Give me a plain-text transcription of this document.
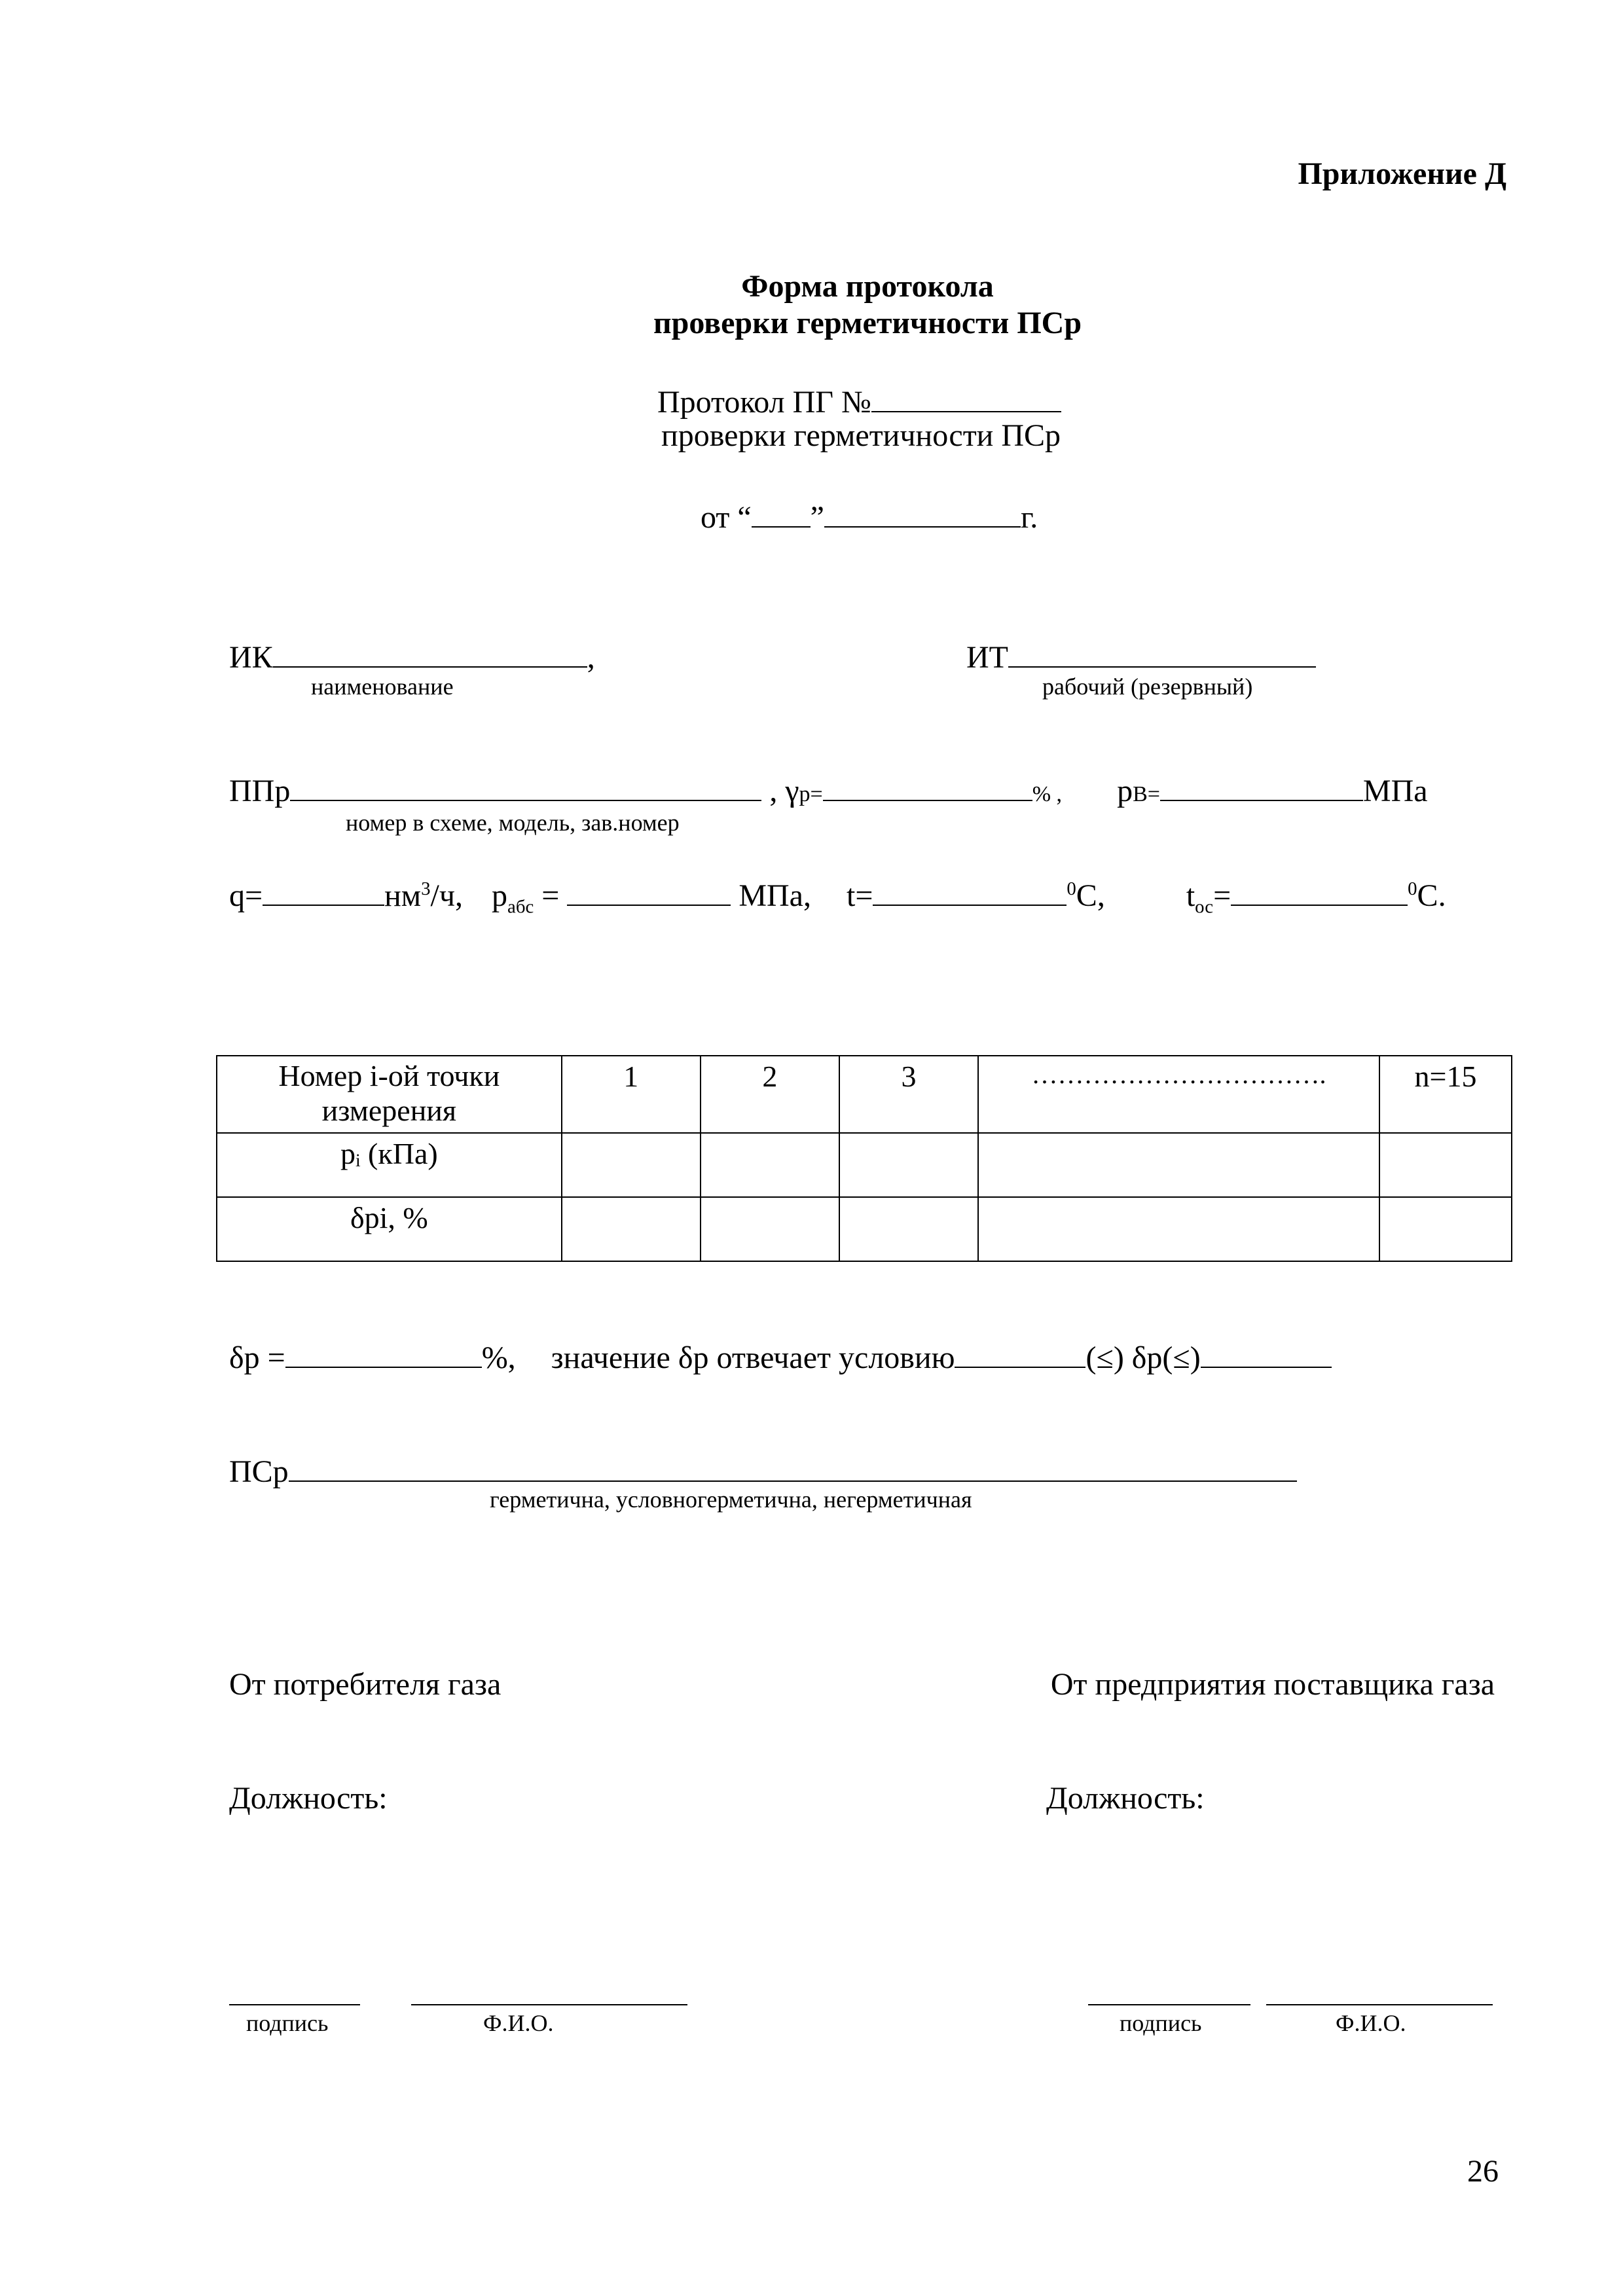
Приложение Д
Форма протокола
проверки герметичности ПСр
Протокол ПГ №
проверки герметичности ПСр
от “ ”	г.
ИК	,
наименование
ИТ
рабочий (резервный)
ППр	, γр=	% , рВ=	МПа
номер в схеме, модель, зав.номер
q=	$нм^3/ч$, $р_{абс}$ =	МПа, t=	$^0$С,	$t_{ос}=$	$^0$С.
Номер i-ой точки измерения	1	2	3	…………………………….	n=15
pᵢ (кПа)					
δpi, %					
δр =	%, значение δр отвечает условию	(≤) δр(≤)
ПСр
герметична, условногерметична, негерметичная
От потребителя газа	От предприятия поставщика газа
Должность:	Должность:
подпись	Ф.И.О.	подпись	Ф.И.О.
26
